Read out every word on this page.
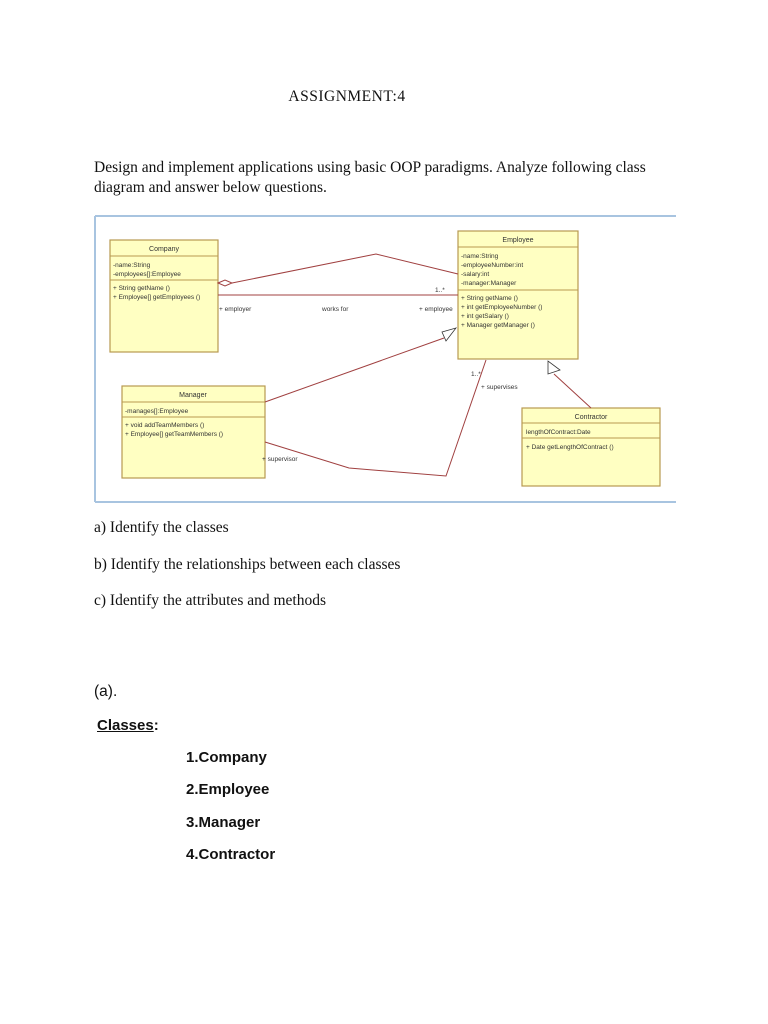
ASSIGNMENT:4
Design and implement applications using basic OOP paradigms. Analyze following class diagram and answer below questions.
Company
-name:String
-employees[]:Employee
+ String getName ()
+ Employee[] getEmployees ()
Employee
-name:String
-employeeNumber:int
-salary:int
-manager:Manager
+ String getName ()
+ int getEmployeeNumber ()
+ int getSalary ()
+ Manager getManager ()
Manager
-manages[]:Employee
+ void addTeamMembers ()
+ Employee[] getTeamMembers ()
Contractor
lengthOfContract:Date
+ Date getLengthOfContract ()
+ employer	works for	+ employee
1..*
1..*
+ supervises
+ supervisor
a) Identify the classes
b) Identify the relationships between each classes
c) Identify the attributes and methods
(a).
Classes:
1.Company
2.Employee
3.Manager
4.Contractor
